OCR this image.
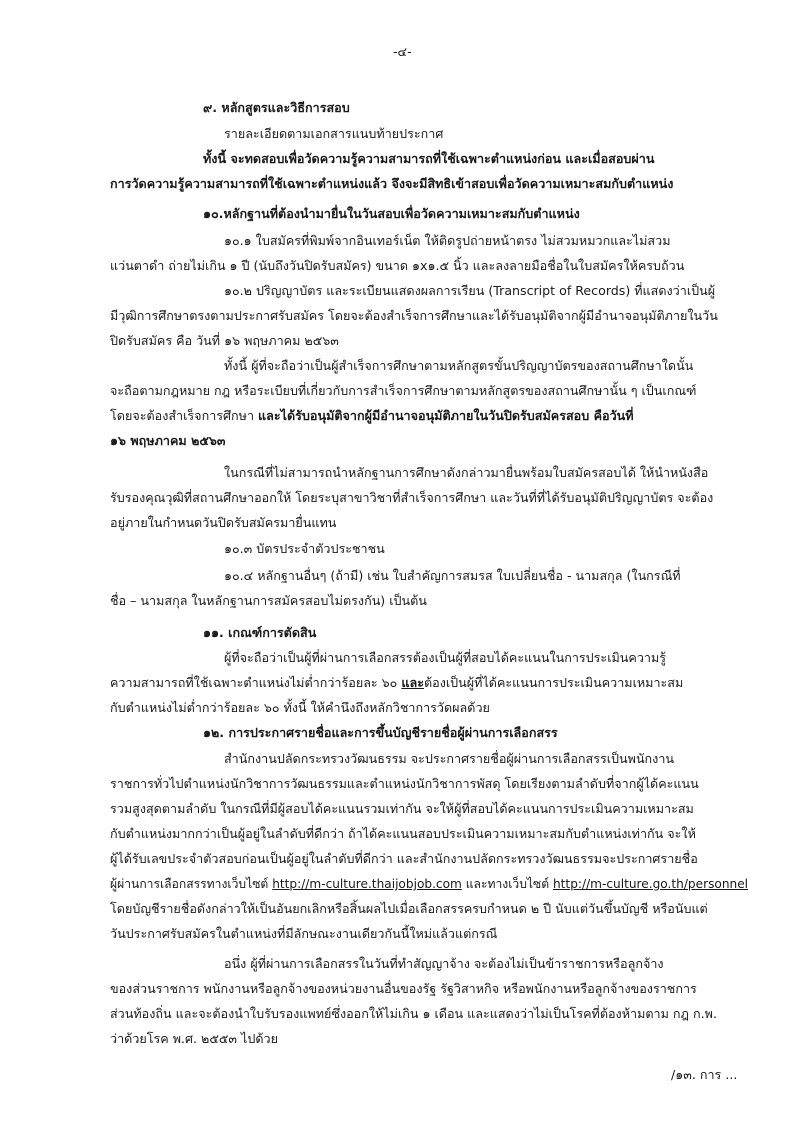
-๔-
๙. หลักสูตรและวิธีการสอบ
รายละเอียดตามเอกสารแนบท้ายประกาศ
ทั้งนี้ จะทดสอบเพื่อวัดความรู้ความสามารถที่ใช้เฉพาะตำแหน่งก่อน และเมื่อสอบผ่าน
การวัดความรู้ความสามารถที่ใช้เฉพาะตำแหน่งแล้ว จึงจะมีสิทธิเข้าสอบเพื่อวัดความเหมาะสมกับตำแหน่ง
๑๐.หลักฐานที่ต้องนำมายื่นในวันสอบเพื่อวัดความเหมาะสมกับตำแหน่ง
๑๐.๑ ใบสมัครที่พิมพ์จากอินเทอร์เน็ต ให้ติดรูปถ่ายหน้าตรง ไม่สวมหมวกและไม่สวม
แว่นตาดำ ถ่ายไม่เกิน ๑ ปี (นับถึงวันปิดรับสมัคร) ขนาด ๑x๑.๕ นิ้ว และลงลายมือชื่อในใบสมัครให้ครบถ้วน
๑๐.๒ ปริญญาบัตร และระเบียนแสดงผลการเรียน (Transcript of Records) ที่แสดงว่าเป็นผู้
มีวุฒิการศึกษาตรงตามประกาศรับสมัคร โดยจะต้องสำเร็จการศึกษาและได้รับอนุมัติจากผู้มีอำนาจอนุมัติภายในวัน
ปิดรับสมัคร คือ วันที่ ๑๖ พฤษภาคม ๒๕๖๓
ทั้งนี้ ผู้ที่จะถือว่าเป็นผู้สำเร็จการศึกษาตามหลักสูตรขั้นปริญญาบัตรของสถานศึกษาใดนั้น
จะถือตามกฎหมาย กฎ หรือระเบียบที่เกี่ยวกับการสำเร็จการศึกษาตามหลักสูตรของสถานศึกษานั้น ๆ เป็นเกณฑ์
โดยจะต้องสำเร็จการศึกษา และได้รับอนุมัติจากผู้มีอำนาจอนุมัติภายในวันปิดรับสมัครสอบ คือวันที่
๑๖ พฤษภาคม ๒๕๖๓
ในกรณีที่ไม่สามารถนำหลักฐานการศึกษาดังกล่าวมายื่นพร้อมใบสมัครสอบได้ ให้นำหนังสือ
รับรองคุณวุฒิที่สถานศึกษาออกให้ โดยระบุสาขาวิชาที่สำเร็จการศึกษา และวันที่ที่ได้รับอนุมัติปริญญาบัตร จะต้อง
อยู่ภายในกำหนดวันปิดรับสมัครมายื่นแทน
๑๐.๓ บัตรประจำตัวประชาชน
๑๐.๔ หลักฐานอื่นๆ (ถ้ามี) เช่น ใบสำคัญการสมรส ใบเปลี่ยนชื่อ - นามสกุล (ในกรณีที่
ชื่อ – นามสกุล ในหลักฐานการสมัครสอบไม่ตรงกัน) เป็นต้น
๑๑. เกณฑ์การตัดสิน
ผู้ที่จะถือว่าเป็นผู้ที่ผ่านการเลือกสรรต้องเป็นผู้ที่สอบได้คะแนนในการประเมินความรู้
ความสามารถที่ใช้เฉพาะตำแหน่งไม่ต่ำกว่าร้อยละ ๖๐ และต้องเป็นผู้ที่ได้คะแนนการประเมินความเหมาะสม
กับตำแหน่งไม่ต่ำกว่าร้อยละ ๖๐ ทั้งนี้ ให้คำนึงถึงหลักวิชาการวัดผลด้วย
๑๒. การประกาศรายชื่อและการขึ้นบัญชีรายชื่อผู้ผ่านการเลือกสรร
สำนักงานปลัดกระทรวงวัฒนธรรม จะประกาศรายชื่อผู้ผ่านการเลือกสรรเป็นพนักงาน
ราชการทั่วไปตำแหน่งนักวิชาการวัฒนธรรมและตำแหน่งนักวิชาการพัสดุ โดยเรียงตามลำดับที่จากผู้ได้คะแนน
รวมสูงสุดตามลำดับ ในกรณีที่มีผู้สอบได้คะแนนรวมเท่ากัน จะให้ผู้ที่สอบได้คะแนนการประเมินความเหมาะสม
กับตำแหน่งมากกว่าเป็นผู้อยู่ในลำดับที่ดีกว่า ถ้าได้คะแนนสอบประเมินความเหมาะสมกับตำแหน่งเท่ากัน จะให้
ผู้ได้รับเลขประจำตัวสอบก่อนเป็นผู้อยู่ในลำดับที่ดีกว่า และสำนักงานปลัดกระทรวงวัฒนธรรมจะประกาศรายชื่อ
ผู้ผ่านการเลือกสรรทางเว็บไซต์ http://m-culture.thaijobjob.com และทางเว็บไซต์ http://m-culture.go.th/personnel
โดยบัญชีรายชื่อดังกล่าวให้เป็นอันยกเลิกหรือสิ้นผลไปเมื่อเลือกสรรครบกำหนด ๒ ปี นับแต่วันขึ้นบัญชี หรือนับแต่
วันประกาศรับสมัครในตำแหน่งที่มีลักษณะงานเดียวกันนี้ใหม่แล้วแต่กรณี
อนึ่ง ผู้ที่ผ่านการเลือกสรรในวันที่ทำสัญญาจ้าง จะต้องไม่เป็นข้าราชการหรือลูกจ้าง
ของส่วนราชการ พนักงานหรือลูกจ้างของหน่วยงานอื่นของรัฐ รัฐวิสาหกิจ หรือพนักงานหรือลูกจ้างของราชการ
ส่วนท้องถิ่น และจะต้องนำใบรับรองแพทย์ซึ่งออกให้ไม่เกิน ๑ เดือน และแสดงว่าไม่เป็นโรคที่ต้องห้ามตาม กฎ ก.พ.
ว่าด้วยโรค พ.ศ. ๒๕๕๓ ไปด้วย
/๑๓. การ ...
